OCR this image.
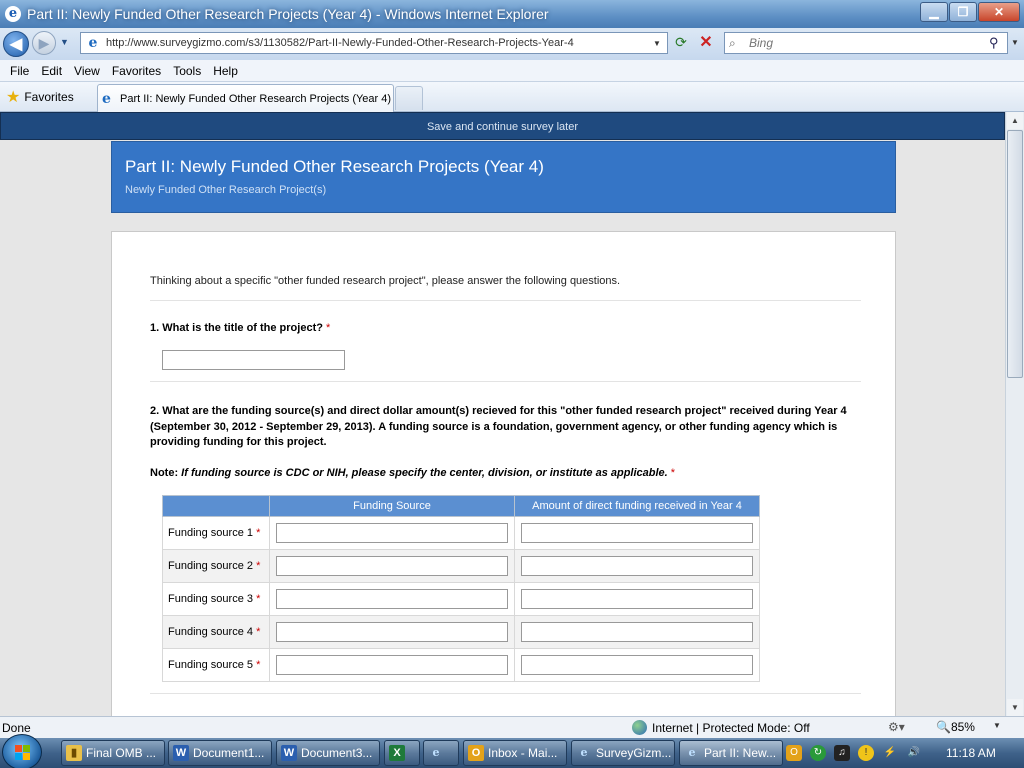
e Part II: Newly Funded Other Research Projects (Year 4) - Windows Internet Explorer	▁	❐	✕
◀	▶	▼ e http://www.surveygizmo.com/s3/1130582/Part-II-Newly-Funded-Other-Research-Projects-Year-4	▼	⟳ ✕ ⌕
Bing	⚲	▼
File Edit View Favorites Tools Help
★ Favorites e Part II: Newly Funded Other Research Projects (Year 4)
Save and continue survey later
Part II: Newly Funded Other Research Projects (Year 4)
Newly Funded Other Research Project(s)
Thinking about a specific "other funded research project", please answer the following questions.
1. What is the title of the project? *
2. What are the funding source(s) and direct dollar amount(s) recieved for this "other funded research project" received during Year 4 (September 30, 2012 - September 29, 2013). A funding source is a foundation, government agency, or other funding agency which is providing funding for this project.
Note: If funding source is CDC or NIH, please specify the center, division, or institute as applicable. *
	Funding Source	Amount of direct funding received in Year 4
Funding source 1 *	

Funding source 2 *	

Funding source 3 *	

Funding source 4 *	

Funding source 5 *	

▲
▼
Done	Internet | Protected Mode: Off	⚙▾	🔍 85% ▼
▮ Final OMB ... W Document1... W Document3...	X	e	O Inbox - Mai...	e SurveyGizm...	e Part II: New...	O	↻	♫	!	⚡ 🔊 11:18 AM
